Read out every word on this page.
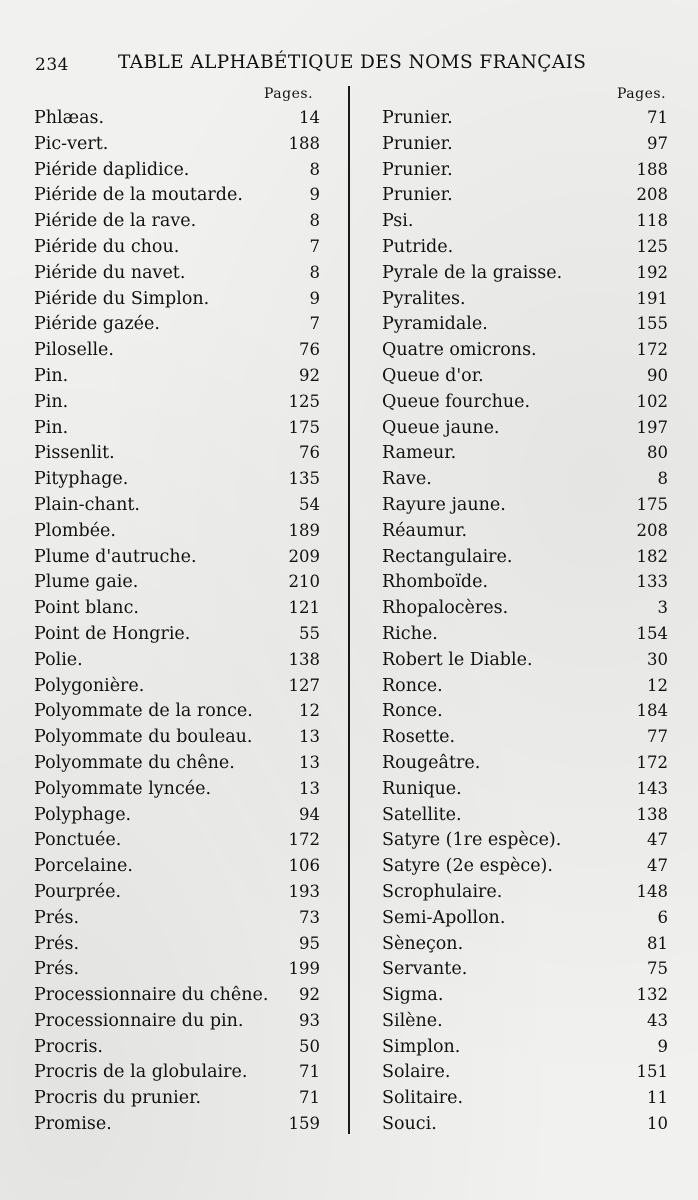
234	TABLE ALPHABÉTIQUE DES NOMS FRANÇAIS
Pages.	Pages.
Phlæas.	14
Pic-vert.	188
Piéride daplidice.	8
Piéride de la moutarde.	9
Piéride de la rave.	8
Piéride du chou.	7
Piéride du navet.	8
Piéride du Simplon.	9
Piéride gazée.	7
Piloselle.	76
Pin.	92
Pin.	125
Pin.	175
Pissenlit.	76
Pityphage.	135
Plain-chant.	54
Plombée.	189
Plume d'autruche.	209
Plume gaie.	210
Point blanc.	121
Point de Hongrie.	55
Polie.	138
Polygonière.	127
Polyommate de la ronce.	12
Polyommate du bouleau.	13
Polyommate du chêne.	13
Polyommate lyncée.	13
Polyphage.	94
Ponctuée.	172
Porcelaine.	106
Pourprée.	193
Prés.	73
Prés.	95
Prés.	199
Processionnaire du chêne.	92
Processionnaire du pin.	93
Procris.	50
Procris de la globulaire.	71
Procris du prunier.	71
Promise.	159
Prunier.	71
Prunier.	97
Prunier.	188
Prunier.	208
Psi.	118
Putride.	125
Pyrale de la graisse.	192
Pyralites.	191
Pyramidale.	155
Quatre omicrons.	172
Queue d'or.	90
Queue fourchue.	102
Queue jaune.	197
Rameur.	80
Rave.	8
Rayure jaune.	175
Réaumur.	208
Rectangulaire.	182
Rhomboïde.	133
Rhopalocères.	3
Riche.	154
Robert le Diable.	30
Ronce.	12
Ronce.	184
Rosette.	77
Rougeâtre.	172
Runique.	143
Satellite.	138
Satyre (1re espèce).	47
Satyre (2e espèce).	47
Scrophulaire.	148
Semi-Apollon.	6
Sèneçon.	81
Servante.	75
Sigma.	132
Silène.	43
Simplon.	9
Solaire.	151
Solitaire.	11
Souci.	10
